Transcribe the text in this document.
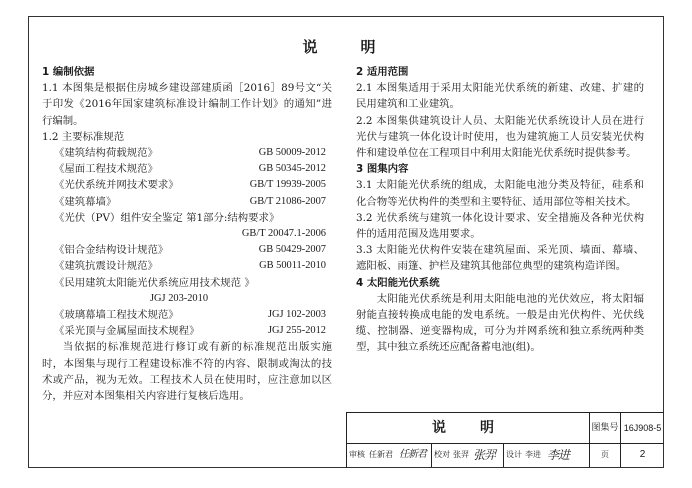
说　明
1 编制依据
1.1 本图集是根据住房城乡建设部建质函［2016］89号文“关于印发《2016年国家建筑标准设计编制工作计划》的通知”进行编制。
1.2 主要标准规范
《建筑结构荷载规范》	GB 50009-2012
《屋面工程技术规范》	GB 50345-2012
《光伏系统并网技术要求》	GB/T 19939-2005
《建筑幕墙》	GB/T 21086-2007
《光伏（PV）组件安全鉴定 第1部分:结构要求》
GB/T 20047.1-2006
《铝合金结构设计规范》	GB 50429-2007
《建筑抗震设计规范》	GB 50011-2010
《民用建筑太阳能光伏系统应用技术规范 》
JGJ 203-2010
《玻璃幕墙工程技术规范》	JGJ 102-2003
《采光顶与金属屋面技术规程》	JGJ 255-2012
当依据的标准规范进行修订或有新的标准规范出版实施时，本图集与现行工程建设标准不符的内容、限制或淘汰的技术或产品，视为无效。工程技术人员在使用时，应注意加以区分，并应对本图集相关内容进行复核后选用。
2 适用范围
2.1 本图集适用于采用太阳能光伏系统的新建、改建、扩建的民用建筑和工业建筑。
2.2 本图集供建筑设计人员、太阳能光伏系统设计人员在进行光伏与建筑一体化设计时使用，也为建筑施工人员安装光伏构件和建设单位在工程项目中利用太阳能光伏系统时提供参考。
3 图集内容
3.1 太阳能光伏系统的组成，太阳能电池分类及特征，硅系和化合物等光伏构件的类型和主要特征、适用部位等相关技术。
3.2 光伏系统与建筑一体化设计要求、安全措施及各种光伏构件的适用范围及选用要求。
3.3 太阳能光伏构件安装在建筑屋面、采光顶、墙面、幕墙、遮阳板、雨篷、护栏及建筑其他部位典型的建筑构造详图。
4 太阳能光伏系统
太阳能光伏系统是利用太阳能电池的光伏效应，将太阳辐射能直接转换成电能的发电系统。一般是由光伏构件、光伏线缆、控制器、逆变器构成，可分为并网系统和独立系统两种类型，其中独立系统还应配备蓄电池(组)。
说　明	图集号 16J908-5
审核 任新君 任新君 校对 张羿 张羿 设计 李进 李进	页	2
